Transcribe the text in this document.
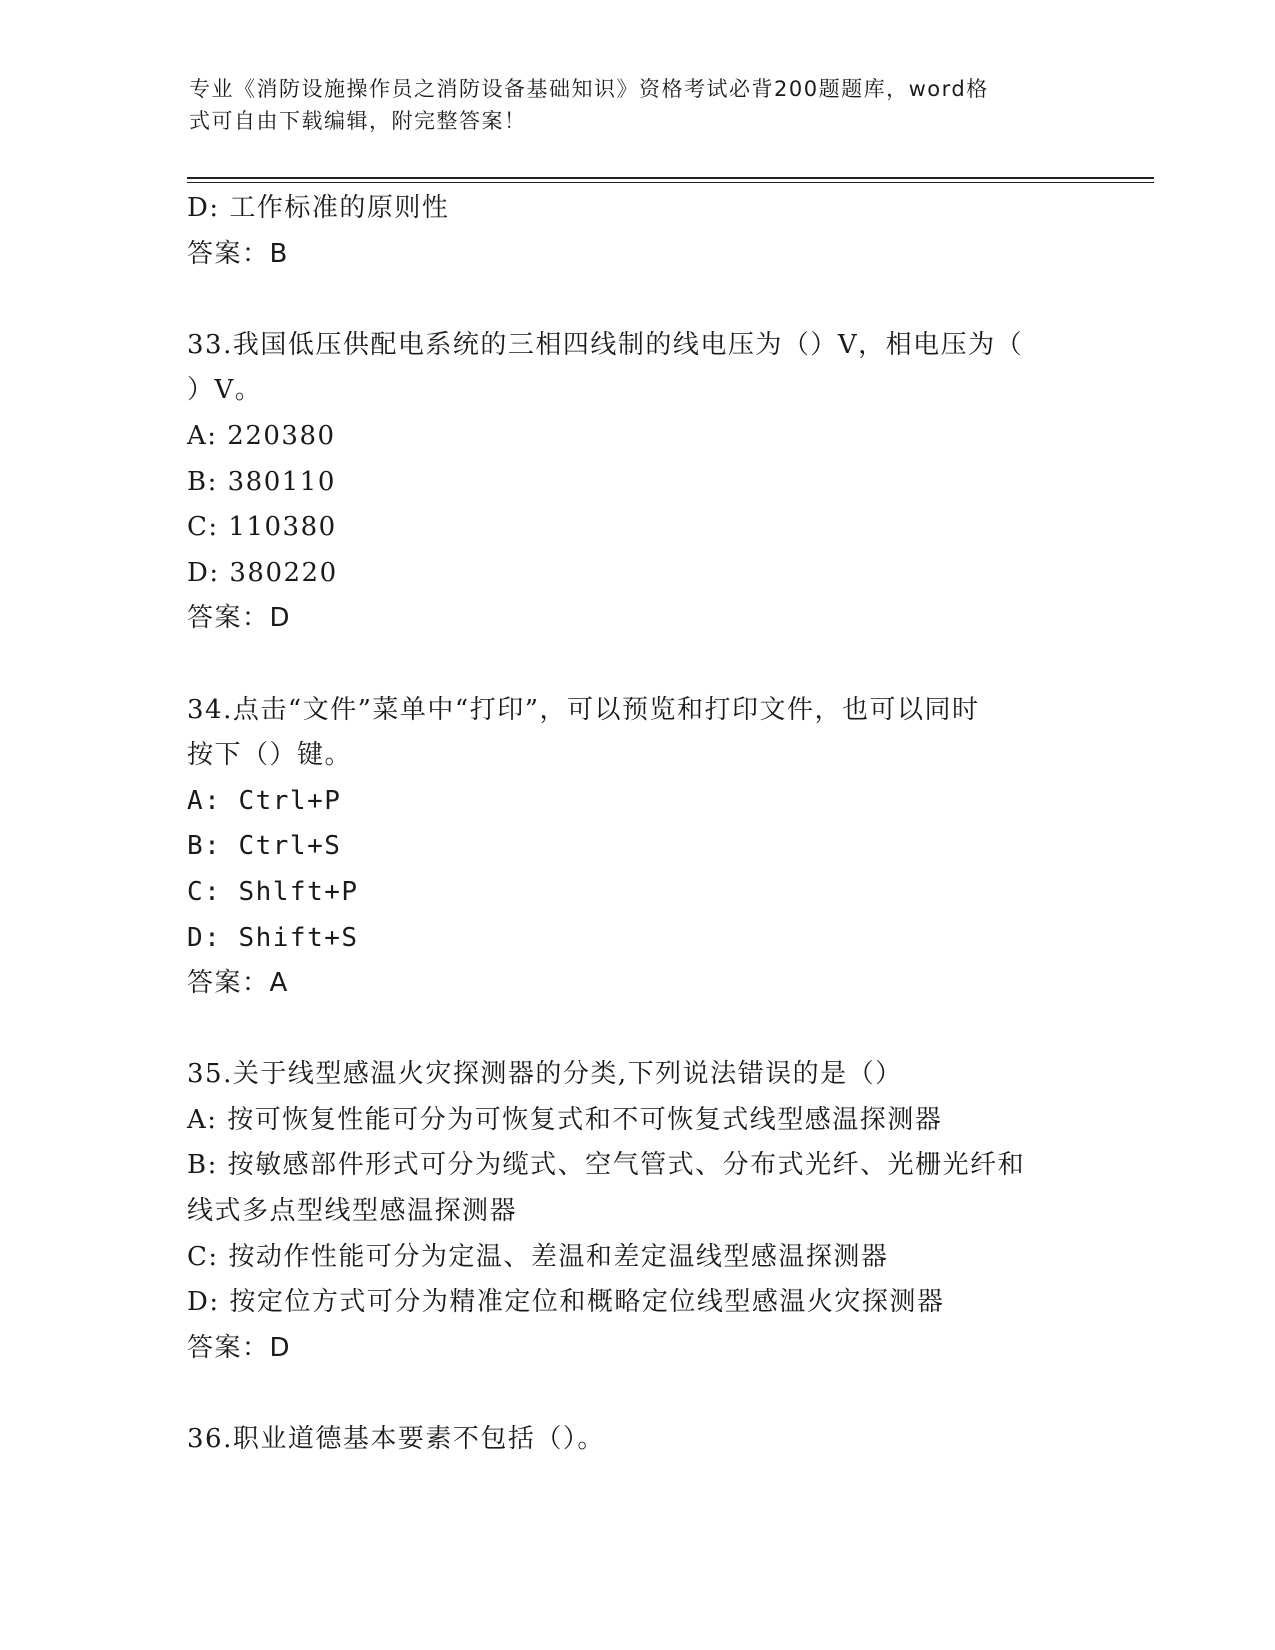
专业《消防设施操作员之消防设备基础知识》资格考试必背200题题库，word格
式可自由下载编辑，附完整答案！
D: 工作标准的原则性
答案：B
33.我国低压供配电系统的三相四线制的线电压为（）V，相电压为（
）V。
A: 220380
B: 380110
C: 110380
D: 380220
答案：D
34.点击“文件”菜单中“打印”，可以预览和打印文件，也可以同时
按下（）键。
A: Ctrl+P
B: Ctrl+S
C: Shlft+P
D: Shift+S
答案：A
35.关于线型感温火灾探测器的分类,下列说法错误的是（）
A: 按可恢复性能可分为可恢复式和不可恢复式线型感温探测器
B: 按敏感部件形式可分为缆式、空气管式、分布式光纤、光栅光纤和
线式多点型线型感温探测器
C: 按动作性能可分为定温、差温和差定温线型感温探测器
D: 按定位方式可分为精准定位和概略定位线型感温火灾探测器
答案：D
36.职业道德基本要素不包括（）。
